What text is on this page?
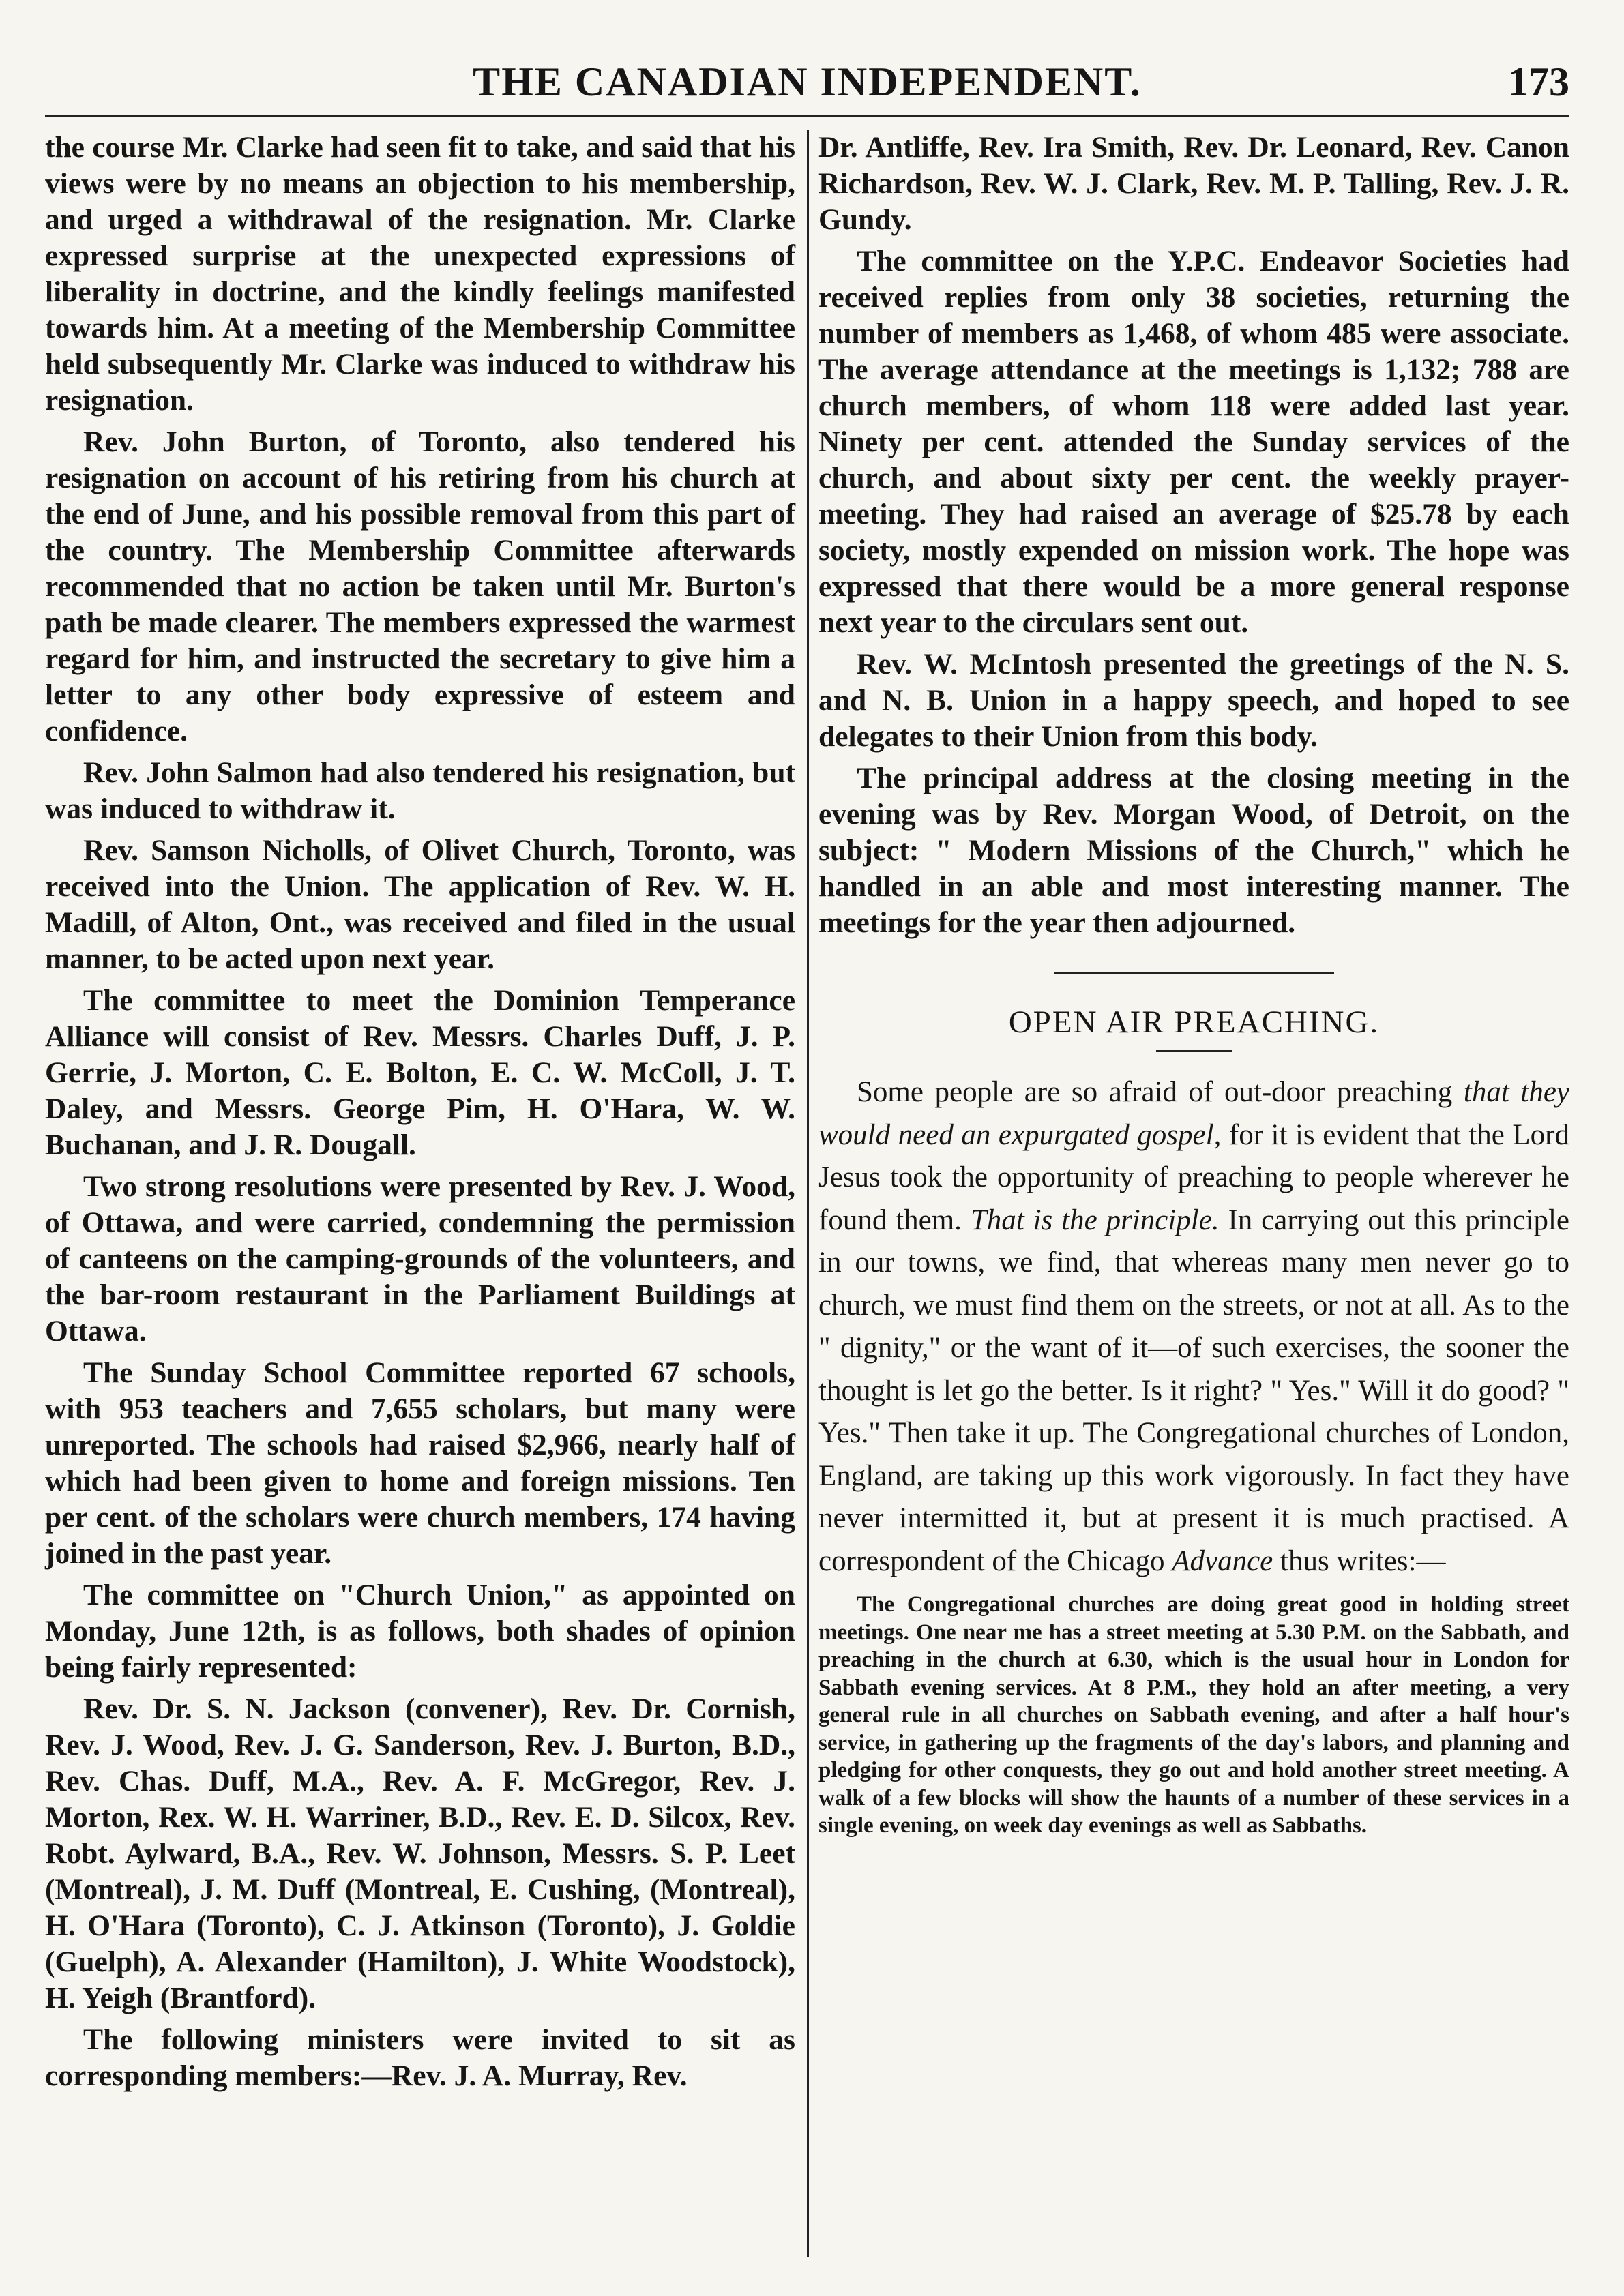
THE CANADIAN INDEPENDENT.	173

the course Mr. Clarke had seen fit to take, and said that his views were by no means an objection to his membership, and urged a withdrawal of the resignation. Mr. Clarke expressed surprise at the unexpected expressions of liberality in doctrine, and the kindly feelings manifested towards him. At a meeting of the Membership Committee held subsequently Mr. Clarke was induced to withdraw his resignation.

Rev. John Burton, of Toronto, also tendered his resignation on account of his retiring from his church at the end of June, and his possible removal from this part of the country. The Membership Committee afterwards recommended that no action be taken until Mr. Burton's path be made clearer. The members expressed the warmest regard for him, and instructed the secretary to give him a letter to any other body expressive of esteem and confidence.

Rev. John Salmon had also tendered his resignation, but was induced to withdraw it.

Rev. Samson Nicholls, of Olivet Church, Toronto, was received into the Union. The application of Rev. W. H. Madill, of Alton, Ont., was received and filed in the usual manner, to be acted upon next year.

The committee to meet the Dominion Temperance Alliance will consist of Rev. Messrs. Charles Duff, J. P. Gerrie, J. Morton, C. E. Bolton, E. C. W. McColl, J. T. Daley, and Messrs. George Pim, H. O'Hara, W. W. Buchanan, and J. R. Dougall.

Two strong resolutions were presented by Rev. J. Wood, of Ottawa, and were carried, condemning the permission of canteens on the camping-grounds of the volunteers, and the bar-room restaurant in the Parliament Buildings at Ottawa.

The Sunday School Committee reported 67 schools, with 953 teachers and 7,655 scholars, but many were unreported. The schools had raised $2,966, nearly half of which had been given to home and foreign missions. Ten per cent. of the scholars were church members, 174 having joined in the past year.

The committee on "Church Union," as appointed on Monday, June 12th, is as follows, both shades of opinion being fairly represented:

Rev. Dr. S. N. Jackson (convener), Rev. Dr. Cornish, Rev. J. Wood, Rev. J. G. Sanderson, Rev. J. Burton, B.D., Rev. Chas. Duff, M.A., Rev. A. F. McGregor, Rev. J. Morton, Rex. W. H. Warriner, B.D., Rev. E. D. Silcox, Rev. Robt. Aylward, B.A., Rev. W. Johnson, Messrs. S. P. Leet (Montreal), J. M. Duff (Montreal, E. Cushing, (Montreal), H. O'Hara (Toronto), C. J. Atkinson (Toronto), J. Goldie (Guelph), A. Alexander (Hamilton), J. White Woodstock), H. Yeigh (Brantford).

The following ministers were invited to sit as corresponding members:—Rev. J. A. Murray, Rev.

Dr. Antliffe, Rev. Ira Smith, Rev. Dr. Leonard, Rev. Canon Richardson, Rev. W. J. Clark, Rev. M. P. Talling, Rev. J. R. Gundy.

The committee on the Y.P.C. Endeavor Societies had received replies from only 38 societies, returning the number of members as 1,468, of whom 485 were associate. The average attendance at the meetings is 1,132; 788 are church members, of whom 118 were added last year. Ninety per cent. attended the Sunday services of the church, and about sixty per cent. the weekly prayer-meeting. They had raised an average of $25.78 by each society, mostly expended on mission work. The hope was expressed that there would be a more general response next year to the circulars sent out.

Rev. W. McIntosh presented the greetings of the N. S. and N. B. Union in a happy speech, and hoped to see delegates to their Union from this body.

The principal address at the closing meeting in the evening was by Rev. Morgan Wood, of Detroit, on the subject: " Modern Missions of the Church," which he handled in an able and most interesting manner. The meetings for the year then adjourned.

OPEN AIR PREACHING.

Some people are so afraid of out-door preaching that they would need an expurgated gospel, for it is evident that the Lord Jesus took the opportunity of preaching to people wherever he found them. That is the principle. In carrying out this principle in our towns, we find, that whereas many men never go to church, we must find them on the streets, or not at all. As to the " dignity," or the want of it—of such exercises, the sooner the thought is let go the better. Is it right? " Yes." Will it do good? " Yes." Then take it up. The Congregational churches of London, England, are taking up this work vigorously. In fact they have never intermitted it, but at present it is much practised. A correspondent of the Chicago Advance thus writes:—

The Congregational churches are doing great good in holding street meetings. One near me has a street meeting at 5.30 P.M. on the Sabbath, and preaching in the church at 6.30, which is the usual hour in London for Sabbath evening services. At 8 P.M., they hold an after meeting, a very general rule in all churches on Sabbath evening, and after a half hour's service, in gathering up the fragments of the day's labors, and planning and pledging for other conquests, they go out and hold another street meeting. A walk of a few blocks will show the haunts of a number of these services in a single evening, on week day evenings as well as Sabbaths.
